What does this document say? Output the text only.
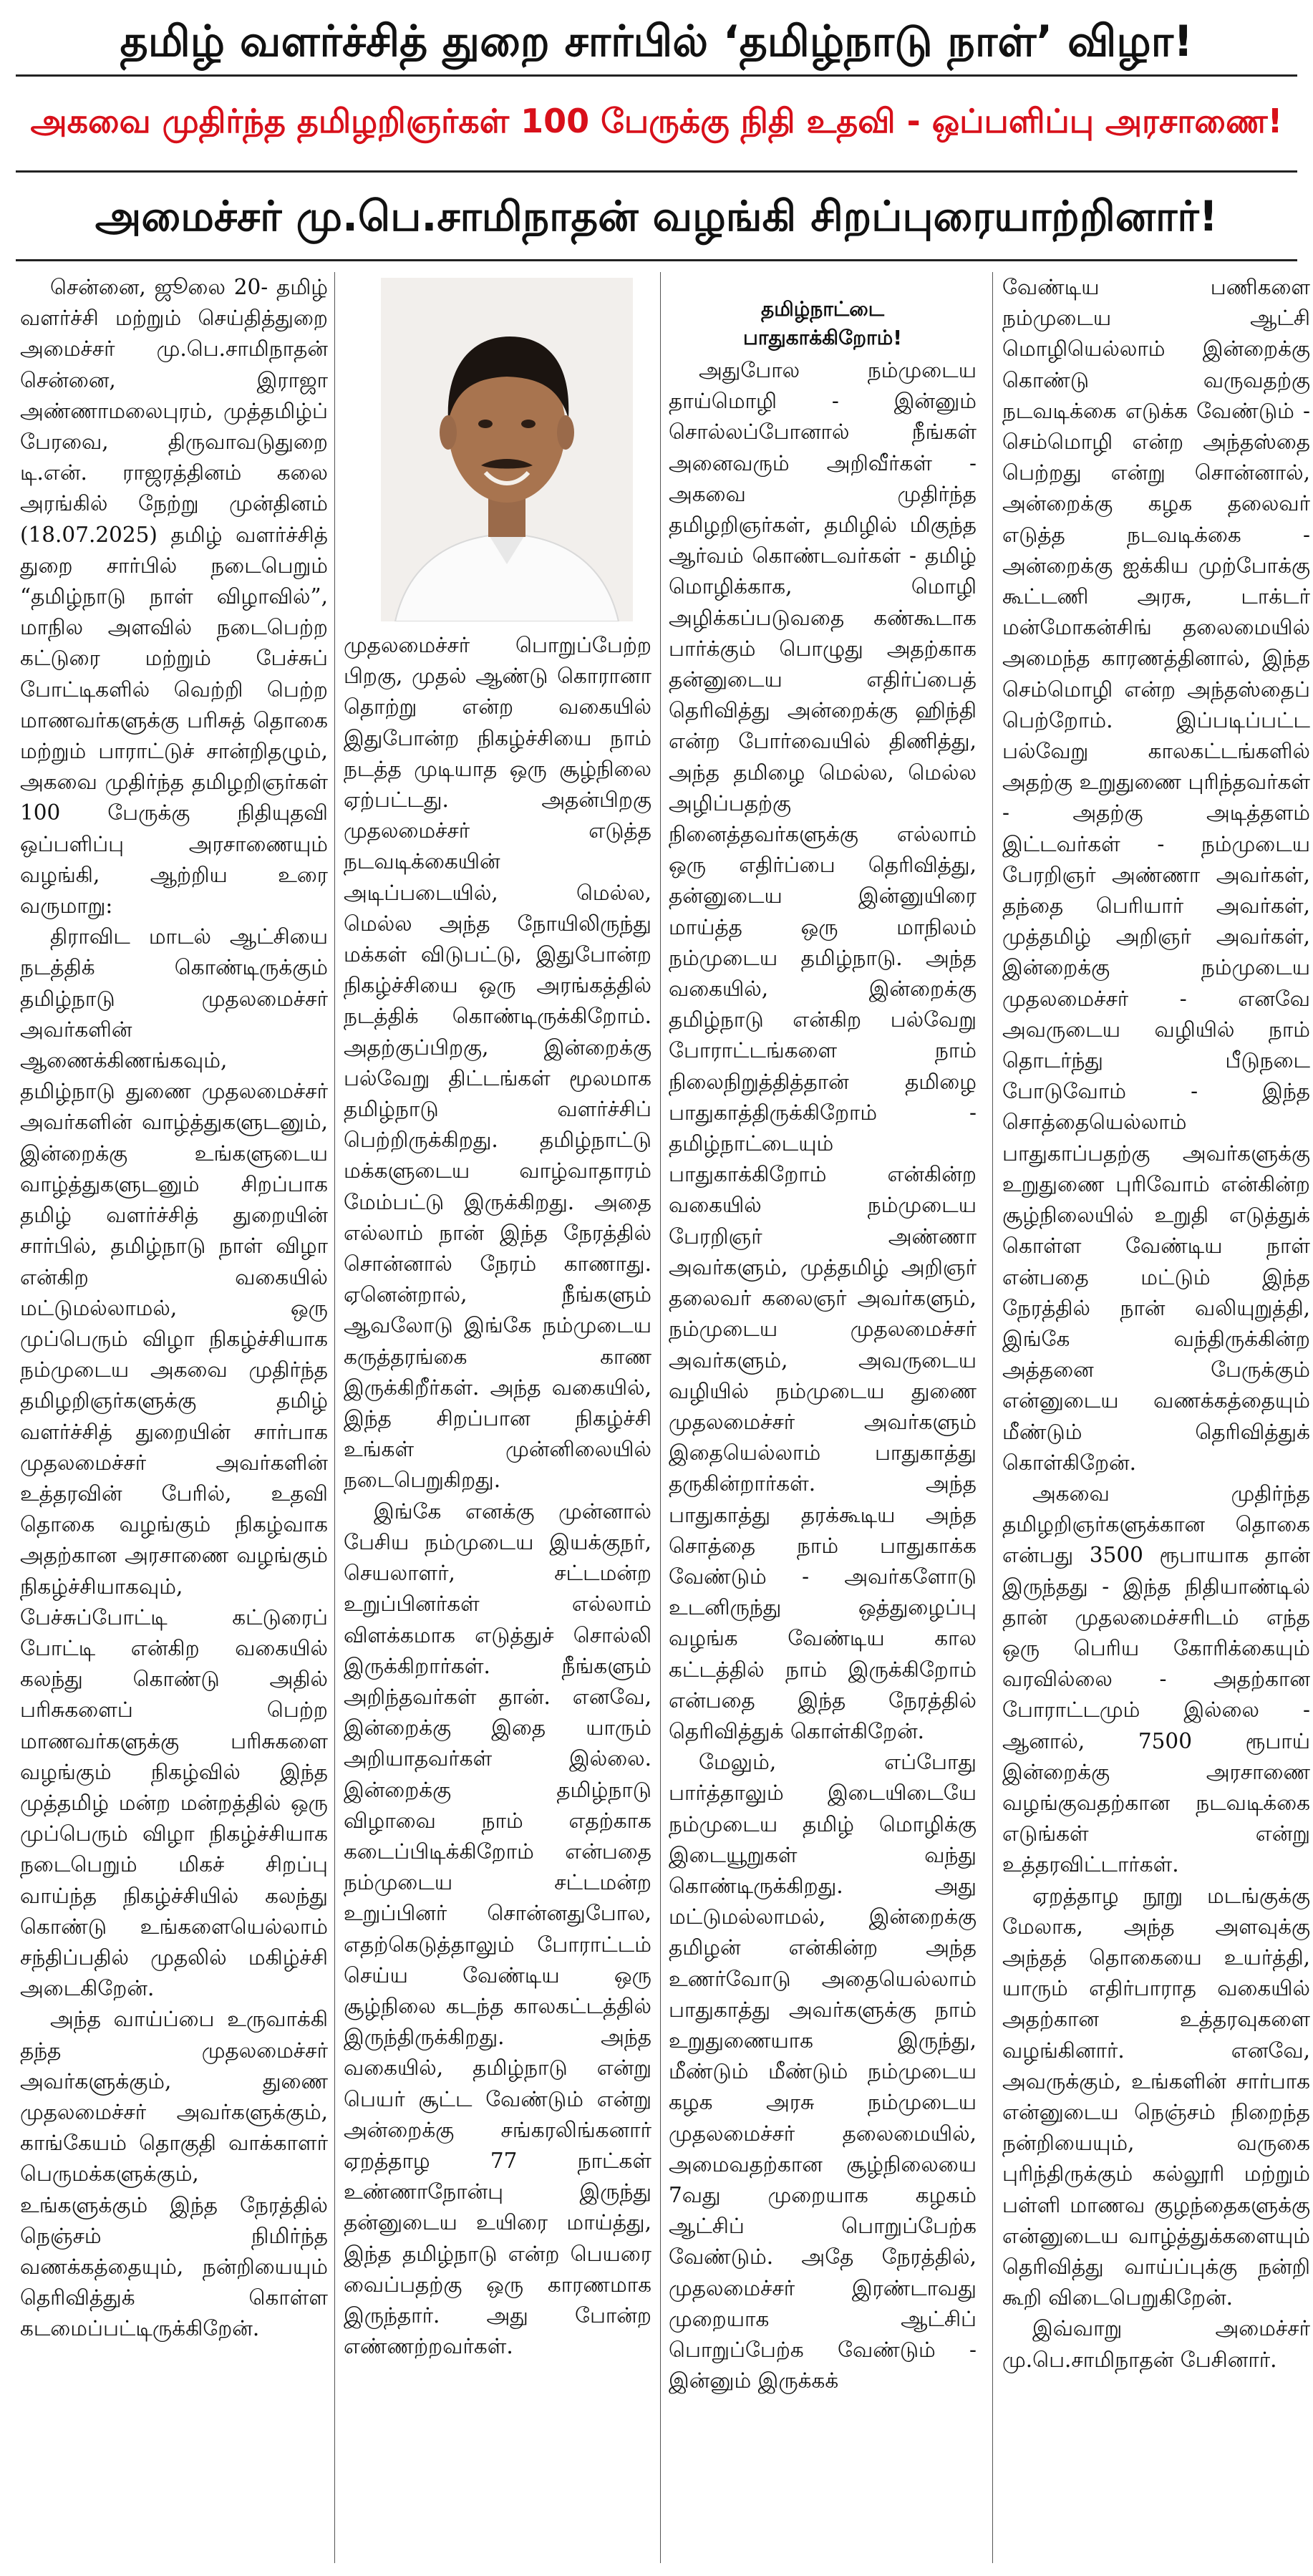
தமிழ் வளர்ச்சித் துறை சார்பில் ‘தமிழ்நாடு நாள்’ விழா!
அகவை முதிர்ந்த தமிழறிஞர்கள் 100 பேருக்கு நிதி உதவி - ஒப்பளிப்பு அரசாணை!
அமைச்சர் மு.பெ.சாமிநாதன் வழங்கி சிறப்புரையாற்றினார்!

சென்னை, ஜூலை 20- தமிழ் வளர்ச்சி மற்றும் செய்தித்துறை அமைச்சர் மு.பெ.சாமிநாதன் சென்னை, இராஜா அண்ணாமலைபுரம், முத்தமிழ்ப் பேரவை, திருவாவடுதுறை டி.என். ராஜரத்தினம் கலை அரங்கில் நேற்று முன்தினம் (18.07.2025) தமிழ் வளர்ச்சித் துறை சார்பில் நடைபெறும் “தமிழ்நாடு நாள் விழாவில்”, மாநில அளவில் நடைபெற்ற கட்டுரை மற்றும் பேச்சுப் போட்டிகளில் வெற்றி பெற்ற மாணவர்களுக்கு பரிசுத் தொகை மற்றும் பாராட்டுச் சான்றிதழும், அகவை முதிர்ந்த தமிழறிஞர்கள் 100 பேருக்கு நிதியுதவி ஒப்பளிப்பு அரசாணையும் வழங்கி, ஆற்றிய உரை வருமாறு:

திராவிட மாடல் ஆட்சியை நடத்திக் கொண்டிருக்கும் தமிழ்நாடு முதலமைச்சர் அவர்களின் ஆணைக்கிணங்கவும், தமிழ்நாடு துணை முதலமைச்சர் அவர்களின் வாழ்த்துகளுடனும், இன்றைக்கு உங்களுடைய வாழ்த்துகளுடனும் சிறப்பாக தமிழ் வளர்ச்சித் துறையின் சார்பில், தமிழ்நாடு நாள் விழா என்கிற வகையில் மட்டுமல்லாமல், ஒரு முப்பெரும் விழா நிகழ்ச்சியாக நம்முடைய அகவை முதிர்ந்த தமிழறிஞர்களுக்கு தமிழ் வளர்ச்சித் துறையின் சார்பாக முதலமைச்சர் அவர்களின் உத்தரவின் பேரில், உதவி தொகை வழங்கும் நிகழ்வாக அதற்கான அரசாணை வழங்கும் நிகழ்ச்சியாகவும், பேச்சுப்போட்டி கட்டுரைப் போட்டி என்கிற வகையில் கலந்து கொண்டு அதில் பரிசுகளைப் பெற்ற மாணவர்களுக்கு பரிசுகளை வழங்கும் நிகழ்வில் இந்த முத்தமிழ் மன்ற மன்றத்தில் ஒரு முப்பெரும் விழா நிகழ்ச்சியாக நடைபெறும் மிகச் சிறப்பு வாய்ந்த நிகழ்ச்சியில் கலந்து கொண்டு உங்களையெல்லாம் சந்திப்பதில் முதலில் மகிழ்ச்சி அடைகிறேன்.

அந்த வாய்ப்பை உருவாக்கி தந்த முதலமைச்சர் அவர்களுக்கும், துணை முதலமைச்சர் அவர்களுக்கும், காங்கேயம் தொகுதி வாக்காளர் பெருமக்களுக்கும், உங்களுக்கும் இந்த நேரத்தில் நெஞ்சம் நிமிர்ந்த வணக்கத்தையும், நன்றியையும் தெரிவித்துக் கொள்ள கடமைப்பட்டிருக்கிறேன்.

முதலமைச்சர் பொறுப்பேற்ற பிறகு, முதல் ஆண்டு கொரானா தொற்று என்ற வகையில் இதுபோன்ற நிகழ்ச்சியை நாம் நடத்த முடியாத ஒரு சூழ்நிலை ஏற்பட்டது. அதன்பிறகு முதலமைச்சர் எடுத்த நடவடிக்கையின் அடிப்படையில், மெல்ல, மெல்ல அந்த நோயிலிருந்து மக்கள் விடுபட்டு, இதுபோன்ற நிகழ்ச்சியை ஒரு அரங்கத்தில் நடத்திக் கொண்டிருக்கிறோம். அதற்குப்பிறகு, இன்றைக்கு பல்வேறு திட்டங்கள் மூலமாக தமிழ்நாடு வளர்ச்சிப் பெற்றிருக்கிறது. தமிழ்நாட்டு மக்களுடைய வாழ்வாதாரம் மேம்பட்டு இருக்கிறது. அதை எல்லாம் நான் இந்த நேரத்தில் சொன்னால் நேரம் காணாது. ஏனென்றால், நீங்களும் ஆவலோடு இங்கே நம்முடைய கருத்தரங்கை காண இருக்கிறீர்கள். அந்த வகையில், இந்த சிறப்பான நிகழ்ச்சி உங்கள் முன்னிலையில் நடைபெறுகிறது.

இங்கே எனக்கு முன்னால் பேசிய நம்முடைய இயக்குநர், செயலாளர், சட்டமன்ற உறுப்பினர்கள் எல்லாம் விளக்கமாக எடுத்துச் சொல்லி இருக்கிறார்கள். நீங்களும் அறிந்தவர்கள் தான். எனவே, இன்றைக்கு இதை யாரும் அறியாதவர்கள் இல்லை. இன்றைக்கு தமிழ்நாடு விழாவை நாம் எதற்காக கடைப்பிடிக்கிறோம் என்பதை நம்முடைய சட்டமன்ற உறுப்பினர் சொன்னதுபோல, எதற்கெடுத்தாலும் போராட்டம் செய்ய வேண்டிய ஒரு சூழ்நிலை கடந்த காலகட்டத்தில் இருந்திருக்கிறது. அந்த வகையில், தமிழ்நாடு என்று பெயர் சூட்ட வேண்டும் என்று அன்றைக்கு சங்கரலிங்கனார் ஏறத்தாழ 77 நாட்கள் உண்ணாநோன்பு இருந்து தன்னுடைய உயிரை மாய்த்து, இந்த தமிழ்நாடு என்ற பெயரை வைப்பதற்கு ஒரு காரணமாக இருந்தார். அது போன்ற எண்ணற்றவர்கள்.

தமிழ்நாட்டை
பாதுகாக்கிறோம்!

அதுபோல நம்முடைய தாய்மொழி - இன்னும் சொல்லப்போனால் நீங்கள் அனைவரும் அறிவீர்கள் - அகவை முதிர்ந்த தமிழறிஞர்கள், தமிழில் மிகுந்த ஆர்வம் கொண்டவர்கள் - தமிழ் மொழிக்காக, மொழி அழிக்கப்படுவதை கண்கூடாக பார்க்கும் பொழுது அதற்காக தன்னுடைய எதிர்ப்பைத் தெரிவித்து அன்றைக்கு ஹிந்தி என்ற போர்வையில் திணித்து, அந்த தமிழை மெல்ல, மெல்ல அழிப்பதற்கு நினைத்தவர்களுக்கு எல்லாம் ஒரு எதிர்ப்பை தெரிவித்து, தன்னுடைய இன்னுயிரை மாய்த்த ஒரு மாநிலம் நம்முடைய தமிழ்நாடு. அந்த வகையில், இன்றைக்கு தமிழ்நாடு என்கிற பல்வேறு போராட்டங்களை நாம் நிலைநிறுத்தித்தான் தமிழை பாதுகாத்திருக்கிறோம் - தமிழ்நாட்டையும் பாதுகாக்கிறோம் என்கின்ற வகையில் நம்முடைய பேரறிஞர் அண்ணா அவர்களும், முத்தமிழ் அறிஞர் தலைவர் கலைஞர் அவர்களும், நம்முடைய முதலமைச்சர் அவர்களும், அவருடைய வழியில் நம்முடைய துணை முதலமைச்சர் அவர்களும் இதையெல்லாம் பாதுகாத்து தருகின்றார்கள். அந்த பாதுகாத்து தரக்கூடிய அந்த சொத்தை நாம் பாதுகாக்க வேண்டும் - அவர்களோடு உடனிருந்து ஒத்துழைப்பு வழங்க வேண்டிய கால கட்டத்தில் நாம் இருக்கிறோம் என்பதை இந்த நேரத்தில் தெரிவித்துக் கொள்கிறேன்.

மேலும், எப்போது பார்த்தாலும் இடையிடையே நம்முடைய தமிழ் மொழிக்கு இடையூறுகள் வந்து கொண்டிருக்கிறது. அது மட்டுமல்லாமல், இன்றைக்கு தமிழன் என்கின்ற அந்த உணர்வோடு அதையெல்லாம் பாதுகாத்து அவர்களுக்கு நாம் உறுதுணையாக இருந்து, மீண்டும் மீண்டும் நம்முடைய கழக அரசு நம்முடைய முதலமைச்சர் தலைமையில், அமைவதற்கான சூழ்நிலையை 7வது முறையாக கழகம் ஆட்சிப் பொறுப்பேற்க வேண்டும். அதே நேரத்தில், முதலமைச்சர் இரண்டாவது முறையாக ஆட்சிப் பொறுப்பேற்க வேண்டும் - இன்னும் இருக்கக்

வேண்டிய பணிகளை நம்முடைய ஆட்சி மொழியெல்லாம் இன்றைக்கு கொண்டு வருவதற்கு நடவடிக்கை எடுக்க வேண்டும் - செம்மொழி என்ற அந்தஸ்தை பெற்றது என்று சொன்னால், அன்றைக்கு கழக தலைவர் எடுத்த நடவடிக்கை - அன்றைக்கு ஐக்கிய முற்போக்கு கூட்டணி அரசு, டாக்டர் மன்மோகன்சிங் தலைமையில் அமைந்த காரணத்தினால், இந்த செம்மொழி என்ற அந்தஸ்தைப் பெற்றோம். இப்படிப்பட்ட பல்வேறு காலகட்டங்களில் அதற்கு உறுதுணை புரிந்தவர்கள் - அதற்கு அடித்தளம் இட்டவர்கள் - நம்முடைய பேரறிஞர் அண்ணா அவர்கள், தந்தை பெரியார் அவர்கள், முத்தமிழ் அறிஞர் அவர்கள், இன்றைக்கு நம்முடைய முதலமைச்சர் - எனவே அவருடைய வழியில் நாம் தொடர்ந்து பீடுநடை போடுவோம் - இந்த சொத்தையெல்லாம் பாதுகாப்பதற்கு அவர்களுக்கு உறுதுணை புரிவோம் என்கின்ற சூழ்நிலையில் உறுதி எடுத்துக் கொள்ள வேண்டிய நாள் என்பதை மட்டும் இந்த நேரத்தில் நான் வலியுறுத்தி, இங்கே வந்திருக்கின்ற அத்தனை பேருக்கும் என்னுடைய வணக்கத்தையும் மீண்டும் தெரிவித்துக் கொள்கிறேன்.

அகவை முதிர்ந்த தமிழறிஞர்களுக்கான தொகை என்பது 3500 ரூபாயாக தான் இருந்தது - இந்த நிதியாண்டில் தான் முதலமைச்சரிடம் எந்த ஒரு பெரிய கோரிக்கையும் வரவில்லை - அதற்கான போராட்டமும் இல்லை - ஆனால், 7500 ரூபாய் இன்றைக்கு அரசாணை வழங்குவதற்கான நடவடிக்கை எடுங்கள் என்று உத்தரவிட்டார்கள்.

ஏறத்தாழ நூறு மடங்குக்கு மேலாக, அந்த அளவுக்கு அந்தத் தொகையை உயர்த்தி, யாரும் எதிர்பாராத வகையில் அதற்கான உத்தரவுகளை வழங்கினார். எனவே, அவருக்கும், உங்களின் சார்பாக என்னுடைய நெஞ்சம் நிறைந்த நன்றியையும், வருகை புரிந்திருக்கும் கல்லூரி மற்றும் பள்ளி மாணவ குழந்தைகளுக்கு என்னுடைய வாழ்த்துக்களையும் தெரிவித்து வாய்ப்புக்கு நன்றி கூறி விடைபெறுகிறேன்.

இவ்வாறு அமைச்சர் மு.பெ.சாமிநாதன் பேசினார்.
